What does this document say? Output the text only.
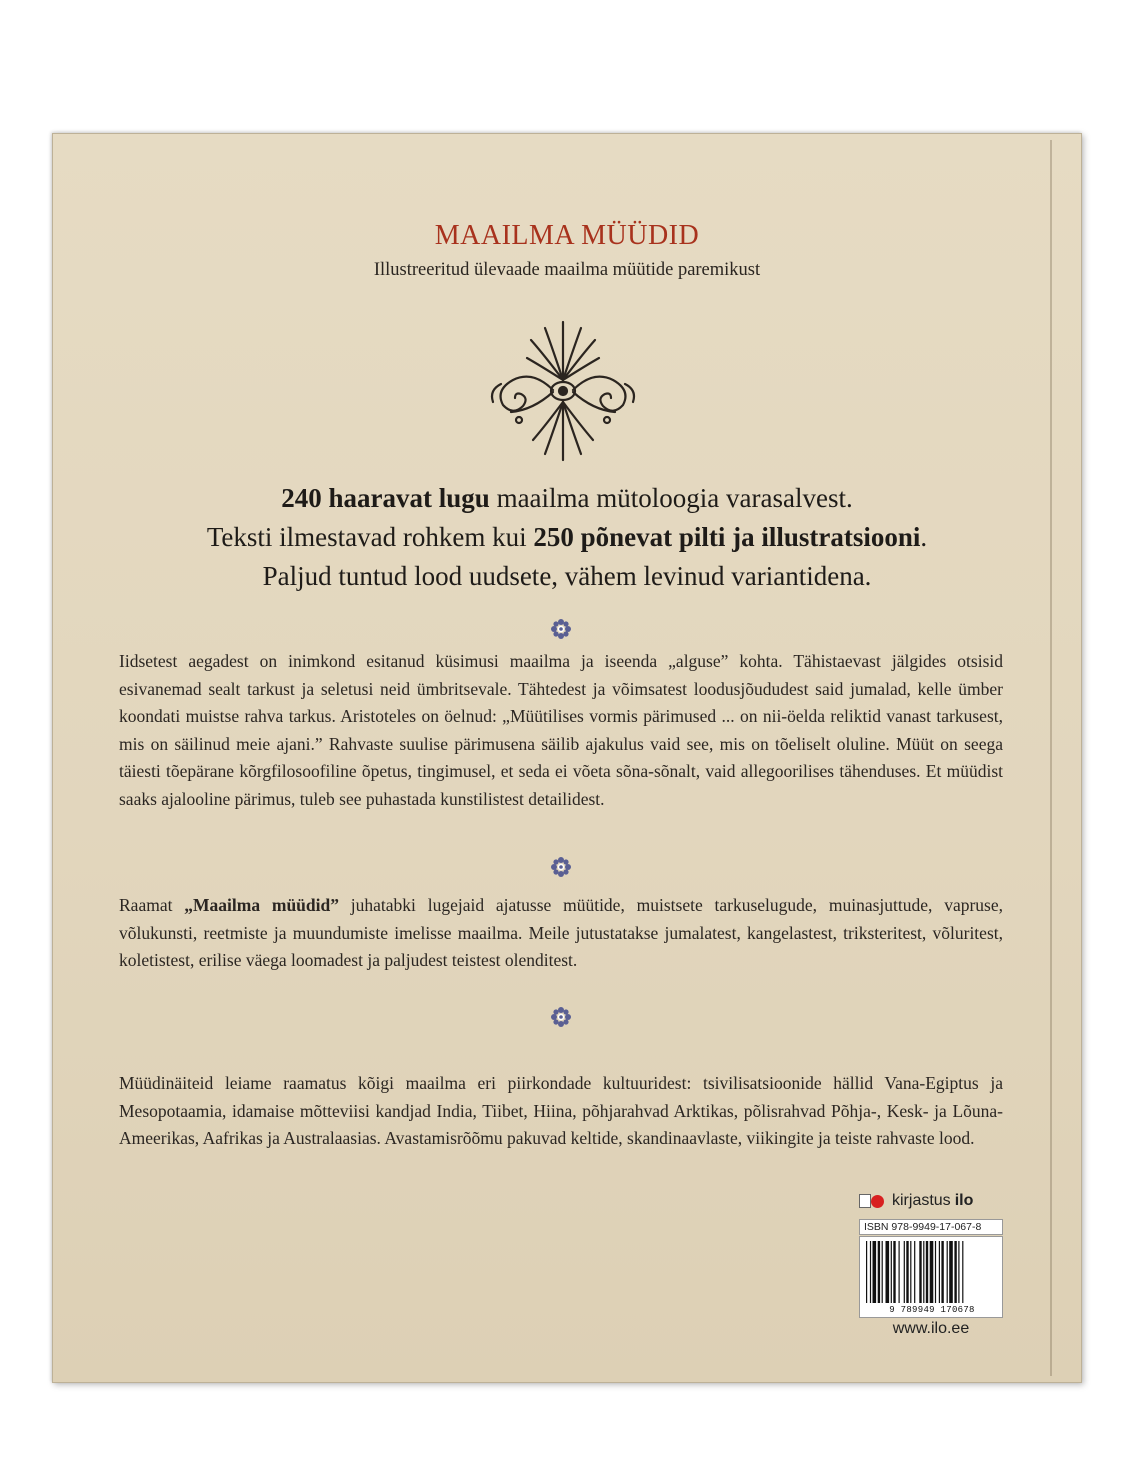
MAAILMA MÜÜDID
Illustreeritud ülevaade maailma müütide paremikust
240 haaravat lugu maailma mütoloogia varasalvest.
Teksti ilmestavad rohkem kui 250 põnevat pilti ja illustratsiooni.
Paljud tuntud lood uudsete, vähem levinud variantidena.

Iidsetest aegadest on inimkond esitanud küsimusi maailma ja iseenda „alguse” kohta. Tähistaevast jälgides otsisid esivanemad sealt tarkust ja seletusi neid ümbritsevale. Tähtedest ja võimsatest loodusjõududest said jumalad, kelle ümber koondati muistse rahva tarkus. Aristoteles on öelnud: „Müütilises vormis pärimused ... on nii-öelda reliktid vanast tarkusest, mis on säilinud meie ajani.” Rahvaste suulise pärimusena säilib ajakulus vaid see, mis on tõeliselt oluline. Müüt on seega täiesti tõepärane kõrgfilosoofiline õpetus, tingimusel, et seda ei võeta sõna-sõnalt, vaid allegoorilises tähenduses. Et müüdist saaks ajalooline pärimus, tuleb see puhastada kunstilistest detailidest.

Raamat „Maailma müüdid” juhatabki lugejaid ajatusse müütide, muistsete tarkuselugude, muinasjuttude, vapruse, võlukunsti, reetmiste ja muundumiste imelisse maailma. Meile jutustatakse jumalatest, kangelastest, triksteritest, võluritest, koletistest, erilise väega loomadest ja paljudest teistest olenditest.

Müüdinäiteid leiame raamatus kõigi maailma eri piirkondade kultuuridest: tsivilisatsioonide hällid Vana-Egiptus ja Mesopotaamia, idamaise mõtteviisi kandjad India, Tiibet, Hiina, põhjarahvad Arktikas, põlisrahvad Põhja-, Kesk- ja Lõuna-Ameerikas, Aafrikas ja Australaasias. Avastamisrõõmu pakuvad keltide, skandinaavlaste, viikingite ja teiste rahvaste lood.

kirjastus ilo
ISBN 978-9949-17-067-8
9 789949 170678
www.ilo.ee
